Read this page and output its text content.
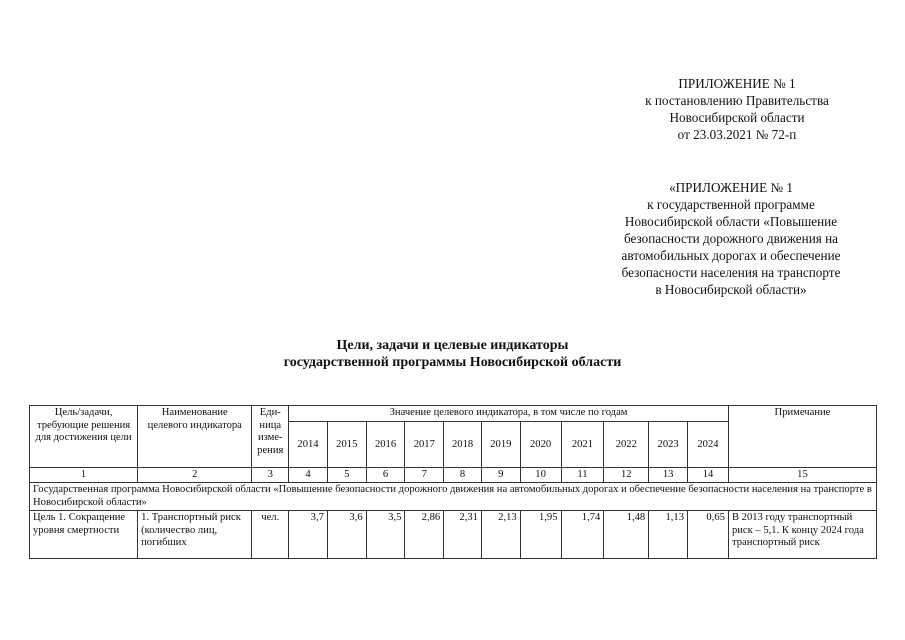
ПРИЛОЖЕНИЕ № 1
к постановлению Правительства
Новосибирской области
от 23.03.2021 № 72-п
«ПРИЛОЖЕНИЕ № 1
к государственной программе
Новосибирской области «Повышение
безопасности дорожного движения на
автомобильных дорогах и обеспечение
безопасности населения на транспорте
в Новосибирской области»
Цели, задачи и целевые индикаторы
государственной программы Новосибирской области
Цель/задачи, требующие решения для достижения цели	Наименование целевого индикатора	Еди-ница изме-рения	Значение целевого индикатора, в том числе по годам											Примечание
			2014	2015	2016	2017	2018	2019	2020	2021	2022	2023	2024	
1	2	3	4	5	6	7	8	9	10	11	12	13	14	15
Государственная программа Новосибирской области «Повышение безопасности дорожного движения на автомобильных дорогах и обеспечение безопасности населения на транспорте в Новосибирской области»														

Цель 1. Сокращение уровня смертности	1. Транспортный риск (количество лиц, погибших	чел.	3,7	3,6	3,5	2,86	2,31	2,13	1,95	1,74	1,48	1,13	0,65	В 2013 году транспортный риск – 5,1. К концу 2024 года транспортный риск
